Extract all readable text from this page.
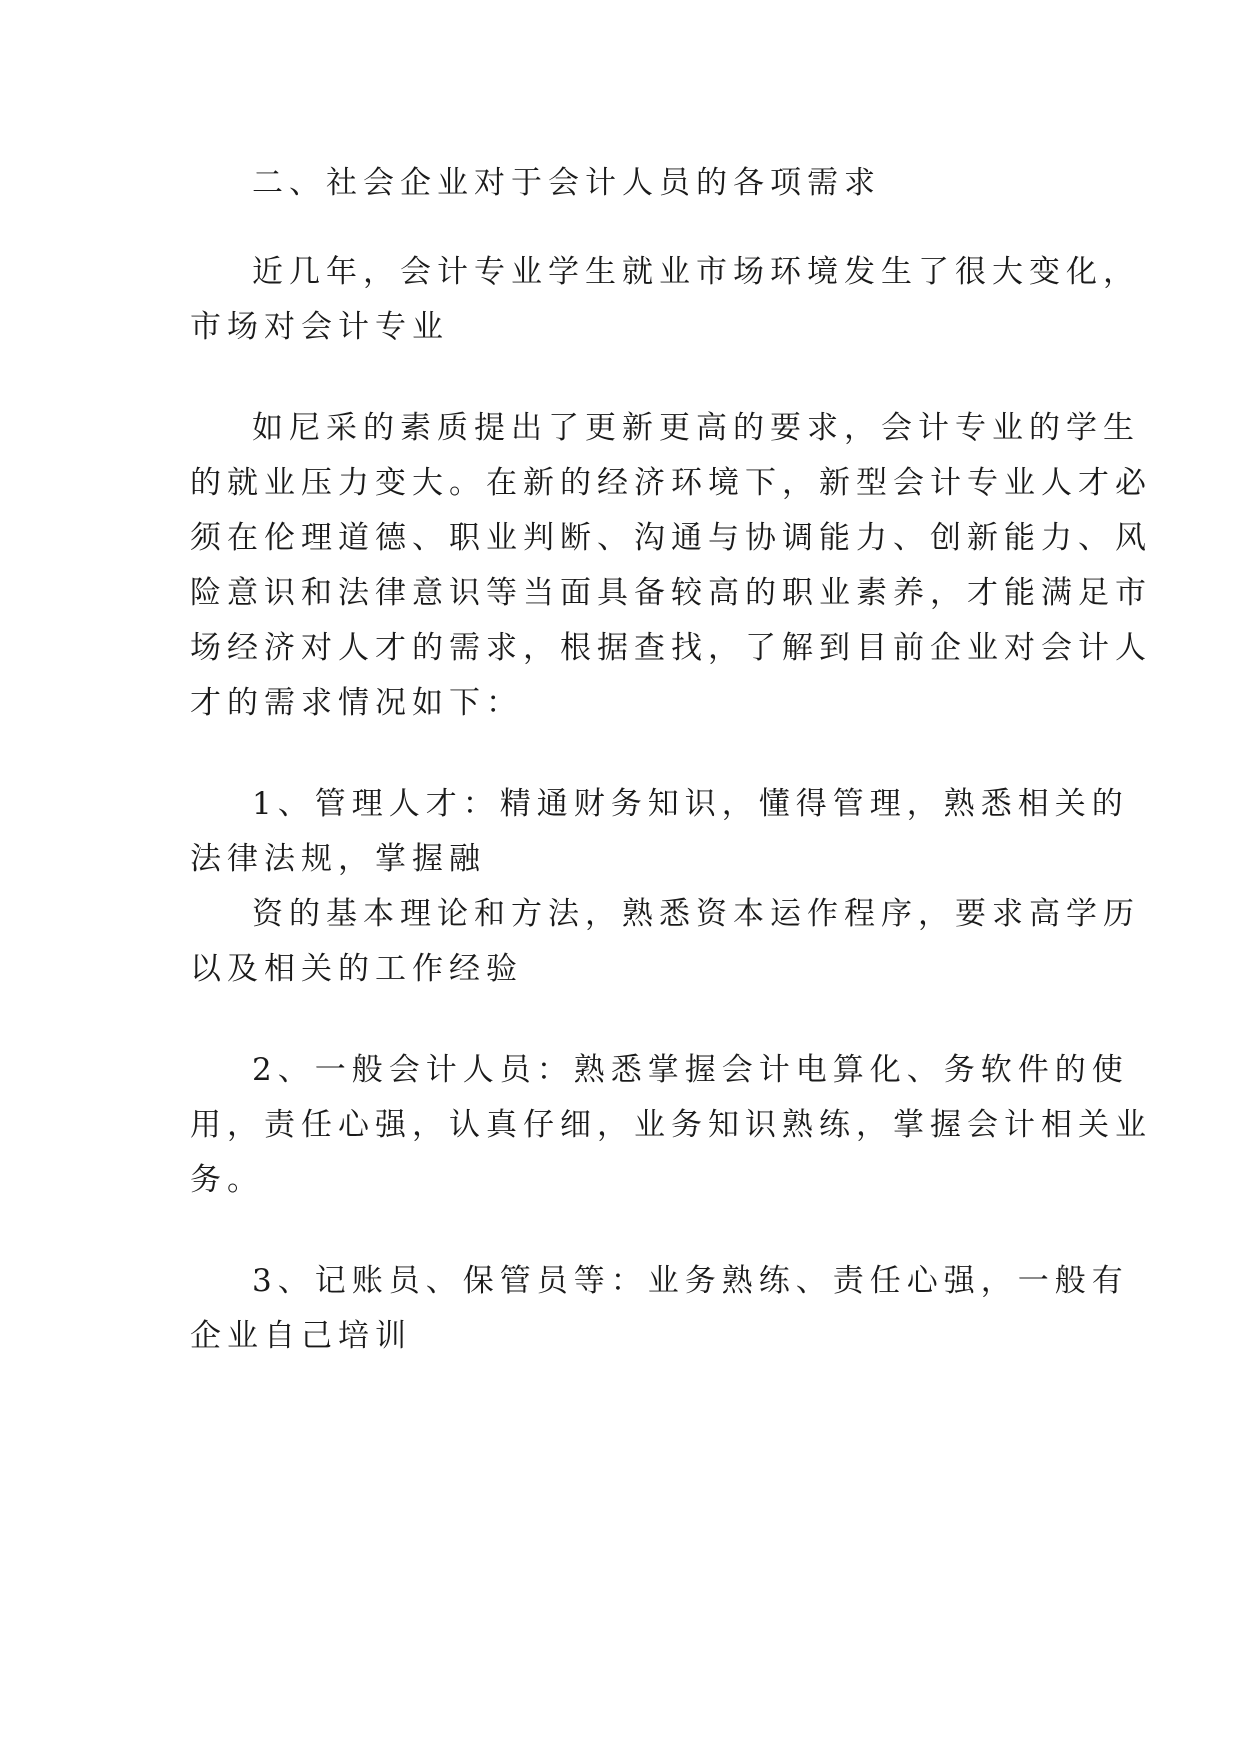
二、社会企业对于会计人员的各项需求

近几年，会计专业学生就业市场环境发生了很大变化，

市场对会计专业

如尼采的素质提出了更新更高的要求，会计专业的学生

的就业压力变大。在新的经济环境下，新型会计专业人才必

须在伦理道德、职业判断、沟通与协调能力、创新能力、风

险意识和法律意识等当面具备较高的职业素养，才能满足市

场经济对人才的需求，根据查找，了解到目前企业对会计人

才的需求情况如下：

1、管理人才：精通财务知识，懂得管理，熟悉相关的

法律法规，掌握融

资的基本理论和方法，熟悉资本运作程序，要求高学历

以及相关的工作经验

2、一般会计人员：熟悉掌握会计电算化、务软件的使

用，责任心强，认真仔细，业务知识熟练，掌握会计相关业

务。

3、记账员、保管员等：业务熟练、责任心强，一般有

企业自己培训
